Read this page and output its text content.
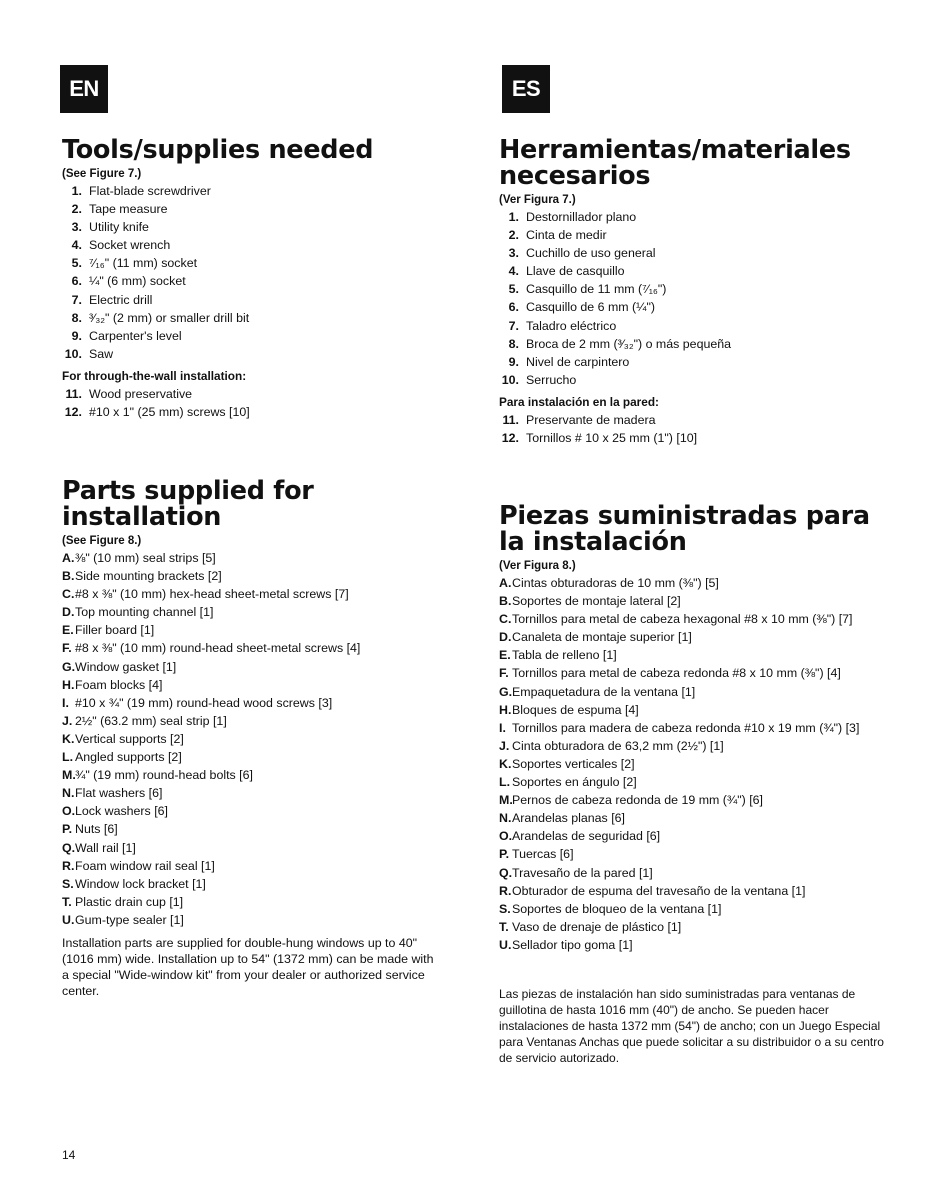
EN	ES
Tools/supplies needed
(See Figure 7.)
1. Flat-blade screwdriver
2. Tape measure
3. Utility knife
4. Socket wrench
5. ⁷⁄₁₆" (11 mm) socket
6. ¼" (6 mm) socket
7. Electric drill
8. ³⁄₃₂" (2 mm) or smaller drill bit
9. Carpenter's level
10. Saw
For through-the-wall installation:
11. Wood preservative
12. #10 x 1" (25 mm) screws [10]
Parts supplied for installation
(See Figure 8.)
A. ⅜" (10 mm) seal strips [5]
B. Side mounting brackets [2]
C. #8 x ⅜" (10 mm) hex-head sheet-metal screws [7]
D. Top mounting channel [1]
E. Filler board [1]
F. #8 x ⅜" (10 mm) round-head sheet-metal screws [4]
G. Window gasket [1]
H. Foam blocks [4]
I. #10 x ¾" (19 mm) round-head wood screws [3]
J. 2½" (63.2 mm) seal strip [1]
K. Vertical supports [2]
L. Angled supports [2]
M. ¾" (19 mm) round-head bolts [6]
N. Flat washers [6]
O. Lock washers [6]
P. Nuts [6]
Q. Wall rail [1]
R. Foam window rail seal [1]
S. Window lock bracket [1]
T. Plastic drain cup [1]
U. Gum-type sealer [1]
Installation parts are supplied for double-hung windows up to 40" (1016 mm) wide. Installation up to 54" (1372 mm) can be made with a special "Wide-window kit" from your dealer or authorized service center.
Herramientas/materiales necesarios
(Ver Figura 7.)
1. Destornillador plano
2. Cinta de medir
3. Cuchillo de uso general
4. Llave de casquillo
5. Casquillo de 11 mm (⁷⁄₁₆")
6. Casquillo de 6 mm (¼")
7. Taladro eléctrico
8. Broca de 2 mm (³⁄₃₂") o más pequeña
9. Nivel de carpintero
10. Serrucho
Para instalación en la pared:
11. Preservante de madera
12. Tornillos # 10 x 25 mm (1") [10]
Piezas suministradas para la instalación
(Ver Figura 8.)
A. Cintas obturadoras de 10 mm (⅜") [5]
B. Soportes de montaje lateral [2]
C. Tornillos para metal de cabeza hexagonal #8 x 10 mm (⅜") [7]
D. Canaleta de montaje superior [1]
E. Tabla de relleno [1]
F. Tornillos para metal de cabeza redonda #8 x 10 mm (⅜") [4]
G. Empaquetadura de la ventana [1]
H. Bloques de espuma [4]
I. Tornillos para madera de cabeza redonda #10 x 19 mm (¾") [3]
J. Cinta obturadora de 63,2 mm (2½") [1]
K. Soportes verticales [2]
L. Soportes en ángulo [2]
M. Pernos de cabeza redonda de 19 mm (¾") [6]
N. Arandelas planas [6]
O. Arandelas de seguridad [6]
P. Tuercas [6]
Q. Travesaño de la pared [1]
R. Obturador de espuma del travesaño de la ventana [1]
S. Soportes de bloqueo de la ventana [1]
T. Vaso de drenaje de plástico [1]
U. Sellador tipo goma [1]
Las piezas de instalación han sido suministradas para ventanas de guillotina de hasta 1016 mm (40") de ancho. Se pueden hacer instalaciones de hasta 1372 mm (54") de ancho; con un Juego Especial para Ventanas Anchas que puede solicitar a su distribuidor o a su centro de servicio autorizado.
14
